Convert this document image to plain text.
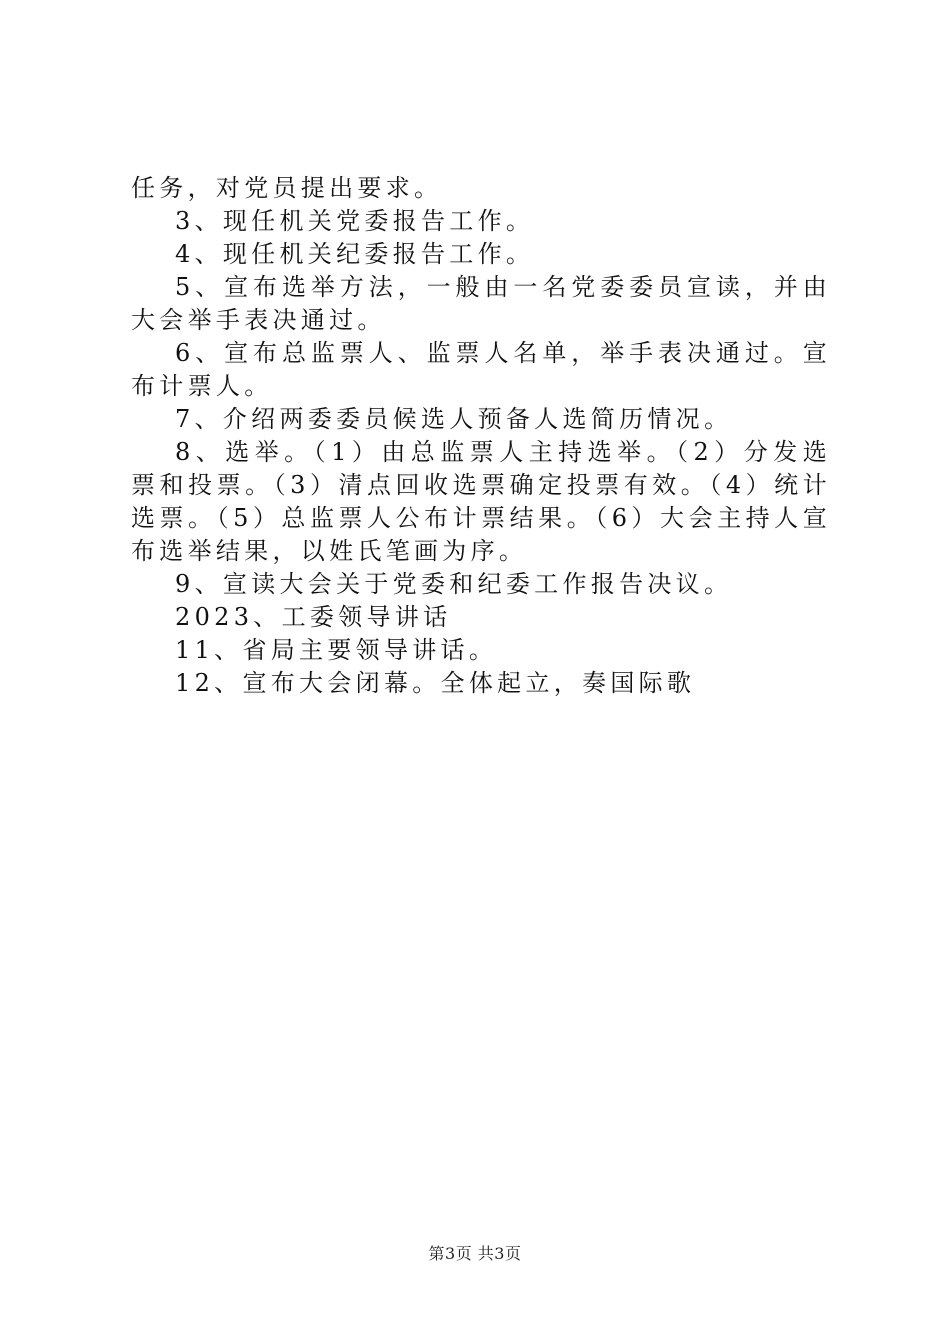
任务，对党员提出要求。

3、现任机关党委报告工作。

4、现任机关纪委报告工作。

5、宣布选举方法，一般由一名党委委员宣读，并由大会举手表决通过。

6、宣布总监票人、监票人名单，举手表决通过。宣布计票人。

7、介绍两委委员候选人预备人选简历情况。

8、选举。（1）由总监票人主持选举。（2）分发选票和投票。（3）清点回收选票确定投票有效。（4）统计选票。（5）总监票人公布计票结果。（6）大会主持人宣布选举结果，以姓氏笔画为序。

9、宣读大会关于党委和纪委工作报告决议。

2023、工委领导讲话

11、省局主要领导讲话。

12、宣布大会闭幕。全体起立，奏国际歌

第3页 共3页
